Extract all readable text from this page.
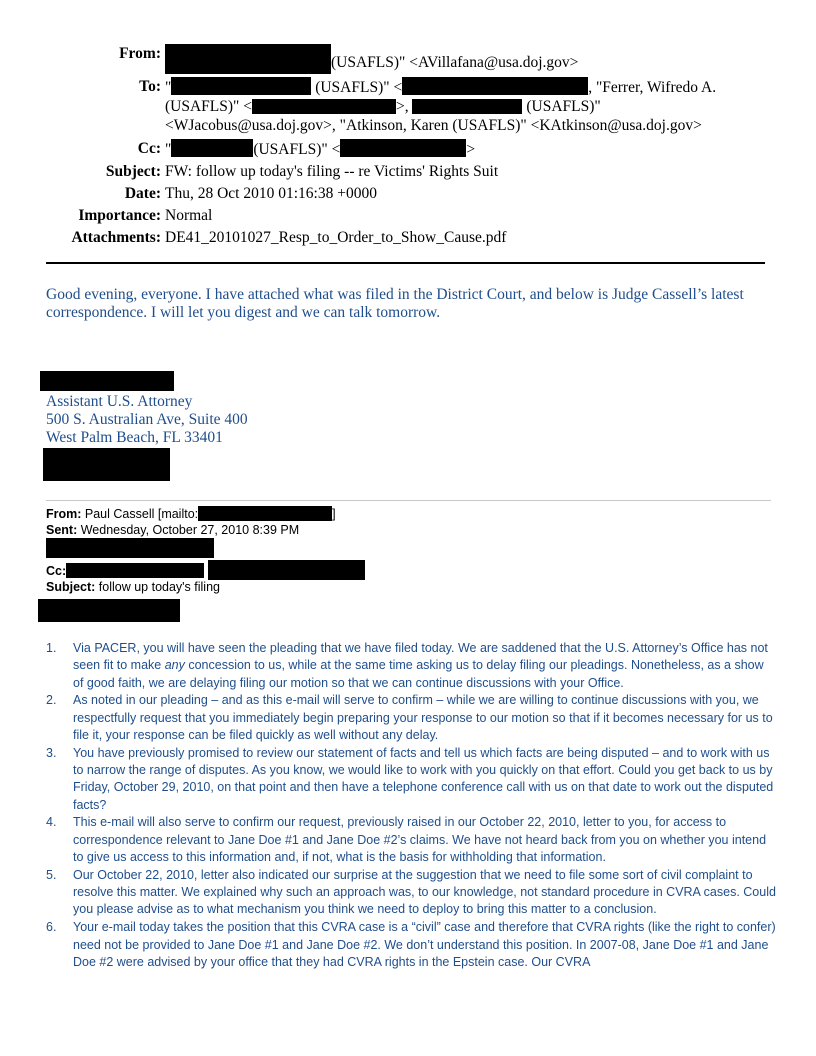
From:
(USAFLS)" <AVillafana@usa.doj.gov>
To: "	(USAFLS)" <	, "Ferrer, Wifredo A.
(USAFLS)" <	>,	(USAFLS)"
<WJacobus@usa.doj.gov>, "Atkinson, Karen (USAFLS)" <KAtkinson@usa.doj.gov>
Cc: "	(USAFLS)" <	>
Subject: FW: follow up today's filing -- re Victims' Rights Suit
Date: Thu, 28 Oct 2010 01:16:38 +0000
Importance: Normal
Attachments: DE41_20101027_Resp_to_Order_to_Show_Cause.pdf
Good evening, everyone. I have attached what was filed in the District Court, and below is Judge Cassell’s latest correspondence. I will let you digest and we can talk tomorrow.
Assistant U.S. Attorney
500 S. Australian Ave, Suite 400
West Palm Beach, FL 33401
From: Paul Cassell [mailto:	]
Sent: Wednesday, October 27, 2010 8:39 PM
Cc:
Subject: follow up today's filing
1.	Via PACER, you will have seen the pleading that we have filed today. We are saddened that the U.S. Attorney’s Office has not seen fit to make any concession to us, while at the same time asking us to delay filing our pleadings. Nonetheless, as a show of good faith, we are delaying filing our motion so that we can continue discussions with your Office.
2.	As noted in our pleading – and as this e-mail will serve to confirm – while we are willing to continue discussions with you, we respectfully request that you immediately begin preparing your response to our motion so that if it becomes necessary for us to file it, your response can be filed quickly as well without any delay.
3.	You have previously promised to review our statement of facts and tell us which facts are being disputed – and to work with us to narrow the range of disputes. As you know, we would like to work with you quickly on that effort. Could you get back to us by Friday, October 29, 2010, on that point and then have a telephone conference call with us on that date to work out the disputed facts?
4.	This e-mail will also serve to confirm our request, previously raised in our October 22, 2010, letter to you, for access to correspondence relevant to Jane Doe #1 and Jane Doe #2’s claims. We have not heard back from you on whether you intend to give us access to this information and, if not, what is the basis for withholding that information.
5.	Our October 22, 2010, letter also indicated our surprise at the suggestion that we need to file some sort of civil complaint to resolve this matter. We explained why such an approach was, to our knowledge, not standard procedure in CVRA cases. Could you please advise as to what mechanism you think we need to deploy to bring this matter to a conclusion.
6.	Your e-mail today takes the position that this CVRA case is a “civil” case and therefore that CVRA rights (like the right to confer) need not be provided to Jane Doe #1 and Jane Doe #2. We don’t understand this position. In 2007-08, Jane Doe #1 and Jane Doe #2 were advised by your office that they had CVRA rights in the Epstein case. Our CVRA
